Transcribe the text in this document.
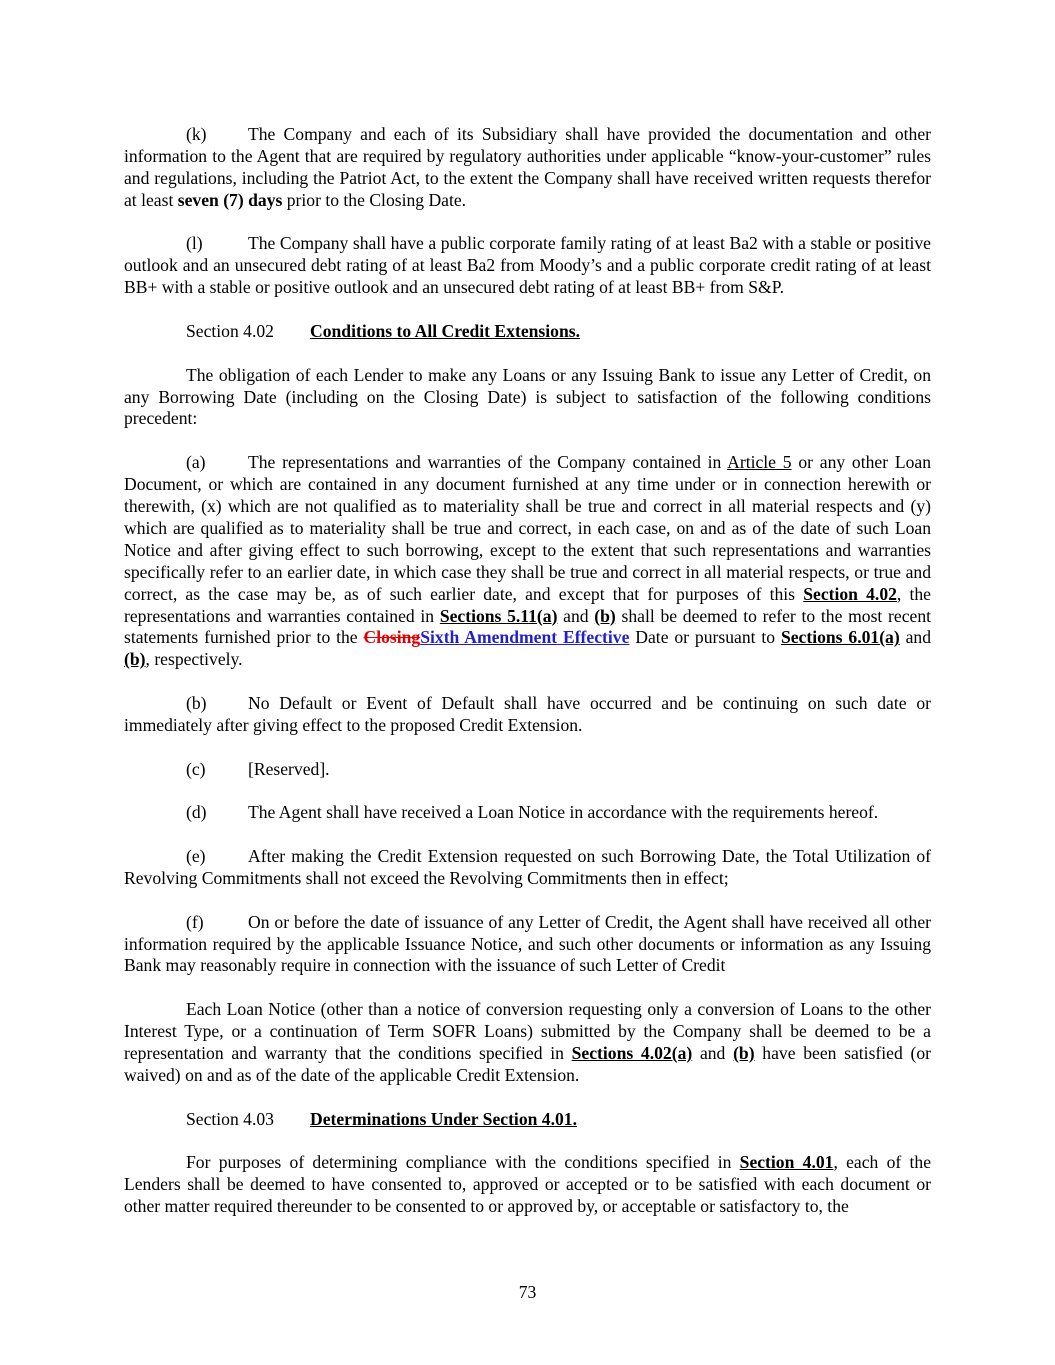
(k) The Company and each of its Subsidiary shall have provided the documentation and other information to the Agent that are required by regulatory authorities under applicable “know-your-customer” rules and regulations, including the Patriot Act, to the extent the Company shall have received written requests therefor at least seven (7) days prior to the Closing Date.

(l)	The Company shall have a public corporate family rating of at least Ba2 with a stable or positive outlook and an unsecured debt rating of at least Ba2 from Moody’s and a public corporate credit rating of at least BB+ with a stable or positive outlook and an unsecured debt rating of at least BB+ from S&P.

Section 4.02 Conditions to All Credit Extensions.

The obligation of each Lender to make any Loans or any Issuing Bank to issue any Letter of Credit, on any Borrowing Date (including on the Closing Date) is subject to satisfaction of the following conditions precedent:

(a) The representations and warranties of the Company contained in Article 5 or any other Loan Document, or which are contained in any document furnished at any time under or in connection herewith or therewith, (x) which are not qualified as to materiality shall be true and correct in all material respects and (y) which are qualified as to materiality shall be true and correct, in each case, on and as of the date of such Loan Notice and after giving effect to such borrowing, except to the extent that such representations and warranties specifically refer to an earlier date, in which case they shall be true and correct in all material respects, or true and correct, as the case may be, as of such earlier date, and except that for purposes of this Section 4.02, the representations and warranties contained in Sections 5.11(a) and (b) shall be deemed to refer to the most recent statements furnished prior to the ClosingSixth Amendment Effective Date or pursuant to Sections 6.01(a) and (b), respectively.

(b) No Default or Event of Default shall have occurred and be continuing on such date or immediately after giving effect to the proposed Credit Extension.

(c) [Reserved].

(d) The Agent shall have received a Loan Notice in accordance with the requirements hereof.

(e) After making the Credit Extension requested on such Borrowing Date, the Total Utilization of Revolving Commitments shall not exceed the Revolving Commitments then in effect;

(f)	On or before the date of issuance of any Letter of Credit, the Agent shall have received all other information required by the applicable Issuance Notice, and such other documents or information as any Issuing Bank may reasonably require in connection with the issuance of such Letter of Credit

Each Loan Notice (other than a notice of conversion requesting only a conversion of Loans to the other Interest Type, or a continuation of Term SOFR Loans) submitted by the Company shall be deemed to be a representation and warranty that the conditions specified in Sections 4.02(a) and (b) have been satisfied (or waived) on and as of the date of the applicable Credit Extension.

Section 4.03 Determinations Under Section 4.01.

For purposes of determining compliance with the conditions specified in Section 4.01, each of the Lenders shall be deemed to have consented to, approved or accepted or to be satisfied with each document or other matter required thereunder to be consented to or approved by, or acceptable or satisfactory to, the

73
